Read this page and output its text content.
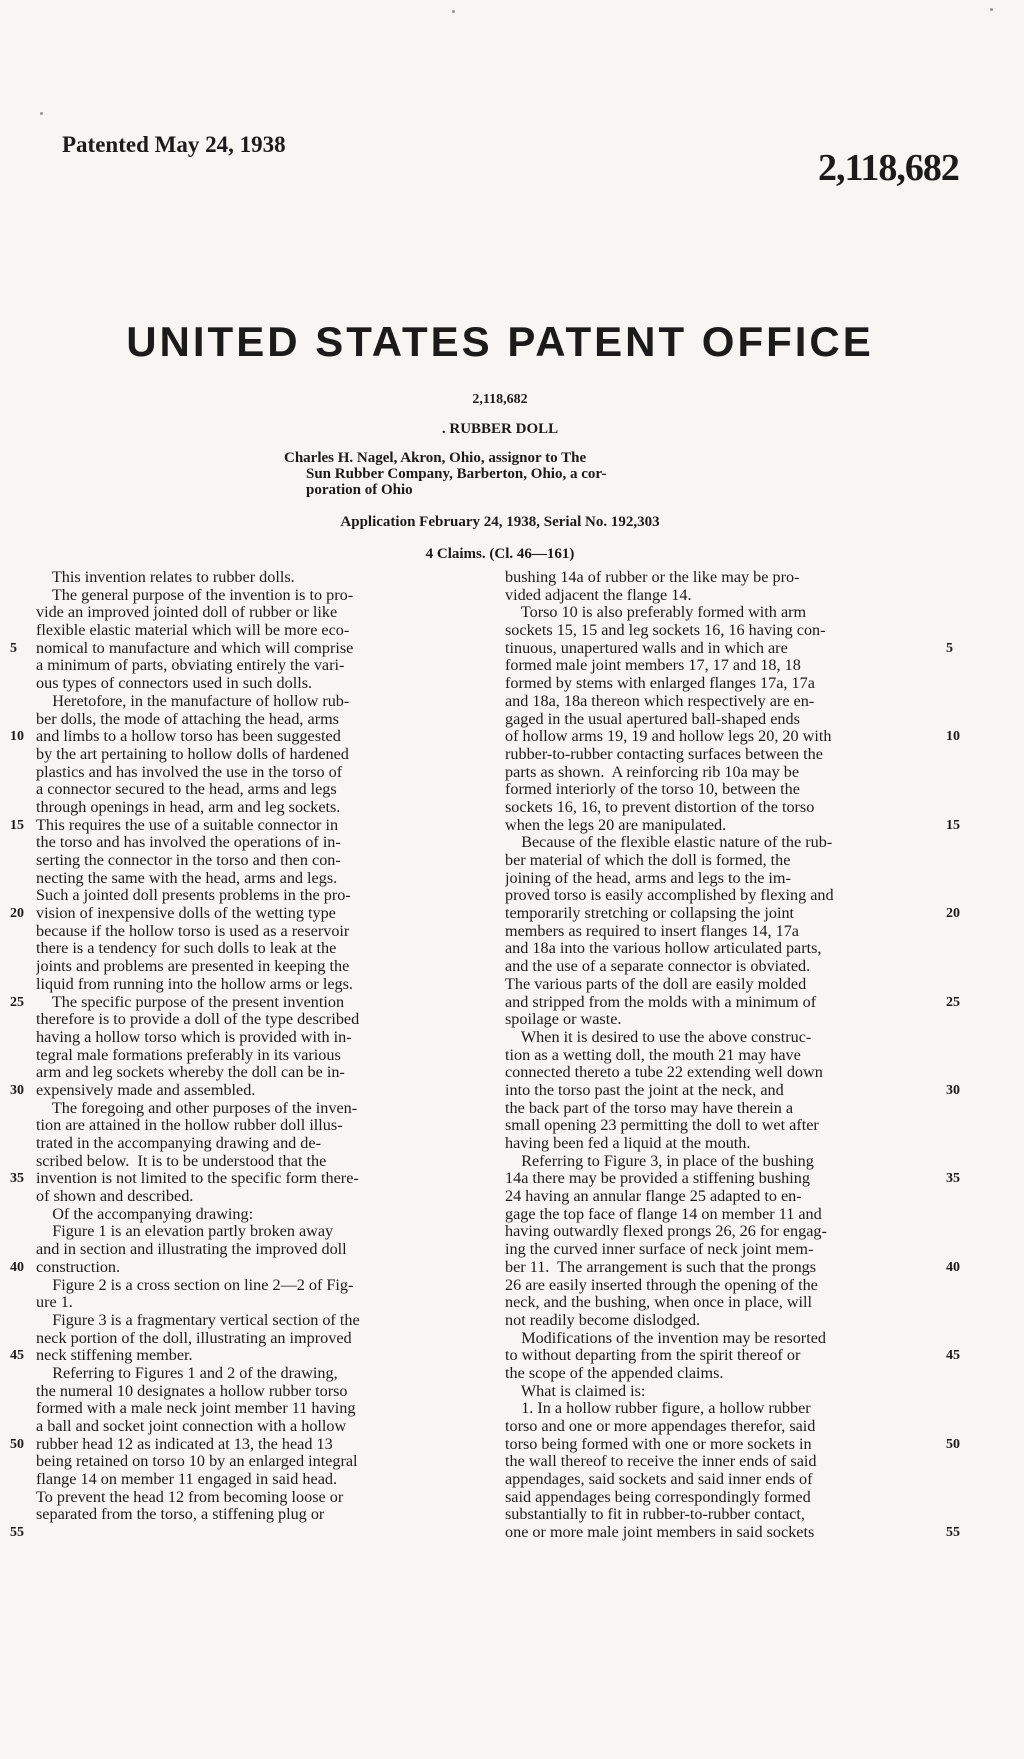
Patented May 24, 1938
2,118,682
UNITED STATES PATENT OFFICE
2,118,682
. RUBBER DOLL
Charles H. Nagel, Akron, Ohio, assignor to The
Sun Rubber Company, Barberton, Ohio, a cor-
poration of Ohio
Application February 24, 1938, Serial No. 192,303
4 Claims. (Cl. 46—161)
5
10
15
20
25
30
35
40
45
50
55
This invention relates to rubber dolls.
The general purpose of the invention is to pro-
vide an improved jointed doll of rubber or like
flexible elastic material which will be more eco-
nomical to manufacture and which will comprise
a minimum of parts, obviating entirely the vari-
ous types of connectors used in such dolls.
Heretofore, in the manufacture of hollow rub-
ber dolls, the mode of attaching the head, arms
and limbs to a hollow torso has been suggested
by the art pertaining to hollow dolls of hardened
plastics and has involved the use in the torso of
a connector secured to the head, arms and legs
through openings in head, arm and leg sockets.
This requires the use of a suitable connector in
the torso and has involved the operations of in-
serting the connector in the torso and then con-
necting the same with the head, arms and legs.
Such a jointed doll presents problems in the pro-
vision of inexpensive dolls of the wetting type
because if the hollow torso is used as a reservoir
there is a tendency for such dolls to leak at the
joints and problems are presented in keeping the
liquid from running into the hollow arms or legs.
The specific purpose of the present invention
therefore is to provide a doll of the type described
having a hollow torso which is provided with in-
tegral male formations preferably in its various
arm and leg sockets whereby the doll can be in-
expensively made and assembled.
The foregoing and other purposes of the inven-
tion are attained in the hollow rubber doll illus-
trated in the accompanying drawing and de-
scribed below.  It is to be understood that the
invention is not limited to the specific form there-
of shown and described.
Of the accompanying drawing:
Figure 1 is an elevation partly broken away
and in section and illustrating the improved doll
construction.
Figure 2 is a cross section on line 2—2 of Fig-
ure 1.
Figure 3 is a fragmentary vertical section of the
neck portion of the doll, illustrating an improved
neck stiffening member.
Referring to Figures 1 and 2 of the drawing,
the numeral 10 designates a hollow rubber torso
formed with a male neck joint member 11 having
a ball and socket joint connection with a hollow
rubber head 12 as indicated at 13, the head 13
being retained on torso 10 by an enlarged integral
flange 14 on member 11 engaged in said head.
To prevent the head 12 from becoming loose or
separated from the torso, a stiffening plug or
bushing 14a of rubber or the like may be pro-
vided adjacent the flange 14.
Torso 10 is also preferably formed with arm
sockets 15, 15 and leg sockets 16, 16 having con-
tinuous, unapertured walls and in which are
formed male joint members 17, 17 and 18, 18
formed by stems with enlarged flanges 17a, 17a
and 18a, 18a thereon which respectively are en-
gaged in the usual apertured ball-shaped ends
of hollow arms 19, 19 and hollow legs 20, 20 with
rubber-to-rubber contacting surfaces between the
parts as shown.  A reinforcing rib 10a may be
formed interiorly of the torso 10, between the
sockets 16, 16, to prevent distortion of the torso
when the legs 20 are manipulated.
Because of the flexible elastic nature of the rub-
ber material of which the doll is formed, the
joining of the head, arms and legs to the im-
proved torso is easily accomplished by flexing and
temporarily stretching or collapsing the joint
members as required to insert flanges 14, 17a
and 18a into the various hollow articulated parts,
and the use of a separate connector is obviated.
The various parts of the doll are easily molded
and stripped from the molds with a minimum of
spoilage or waste.
When it is desired to use the above construc-
tion as a wetting doll, the mouth 21 may have
connected thereto a tube 22 extending well down
into the torso past the joint at the neck, and
the back part of the torso may have therein a
small opening 23 permitting the doll to wet after
having been fed a liquid at the mouth.
Referring to Figure 3, in place of the bushing
14a there may be provided a stiffening bushing
24 having an annular flange 25 adapted to en-
gage the top face of flange 14 on member 11 and
having outwardly flexed prongs 26, 26 for engag-
ing the curved inner surface of neck joint mem-
ber 11.  The arrangement is such that the prongs
26 are easily inserted through the opening of the
neck, and the bushing, when once in place, will
not readily become dislodged.
Modifications of the invention may be resorted
to without departing from the spirit thereof or
the scope of the appended claims.
What is claimed is:
1. In a hollow rubber figure, a hollow rubber
torso and one or more appendages therefor, said
torso being formed with one or more sockets in
the wall thereof to receive the inner ends of said
appendages, said sockets and said inner ends of
said appendages being correspondingly formed
substantially to fit in rubber-to-rubber contact,
one or more male joint members in said sockets
5
10
15
20
25
30
35
40
45
50
55
